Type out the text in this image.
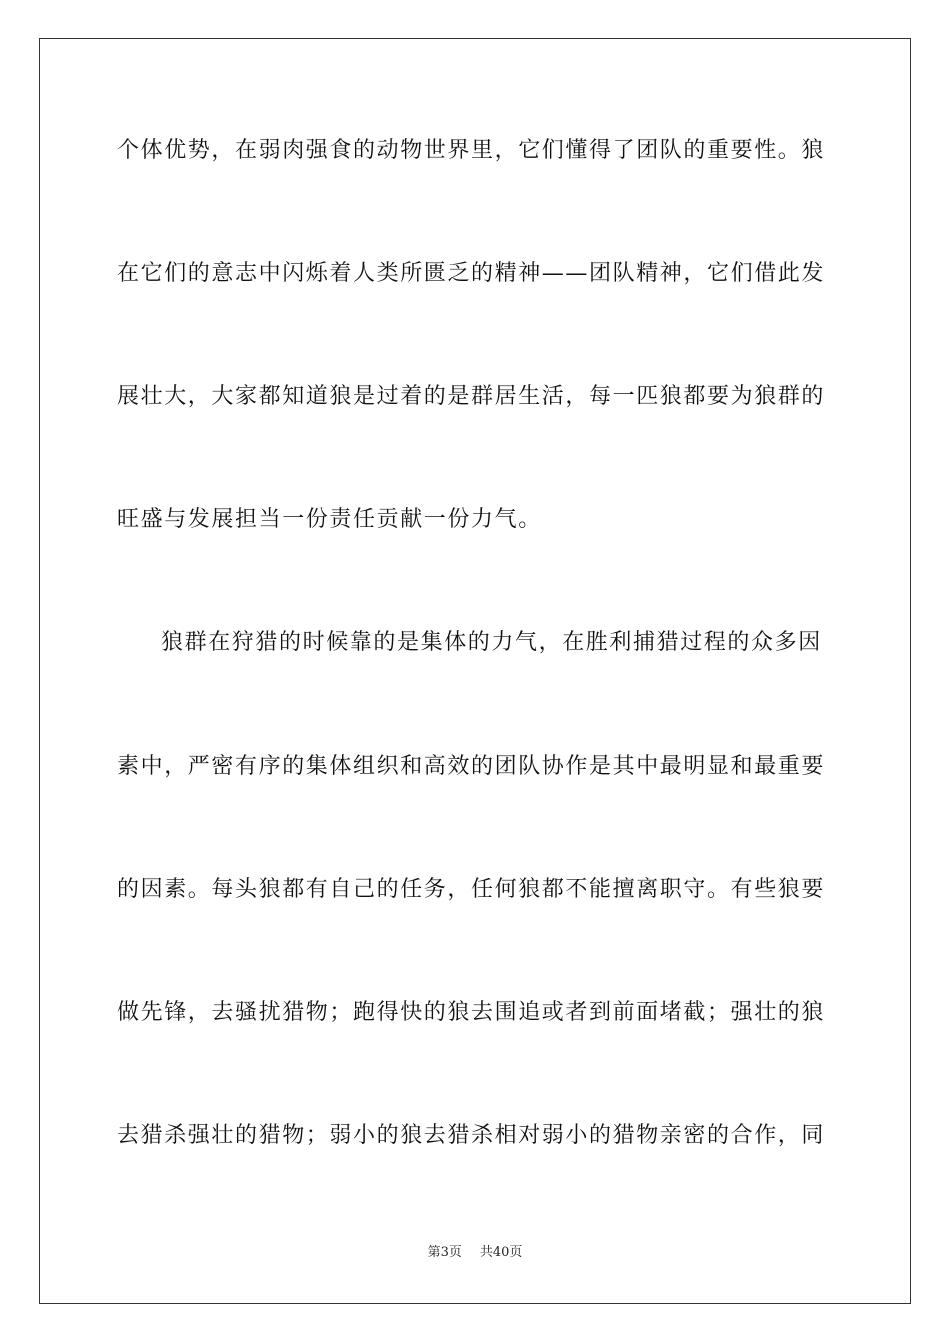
个体优势，在弱肉强食的动物世界里，它们懂得了团队的重要性。狼
在它们的意志中闪烁着人类所匮乏的精神——团队精神，它们借此发
展壮大，大家都知道狼是过着的是群居生活，每一匹狼都要为狼群的
旺盛与发展担当一份责任贡献一份力气。
狼群在狩猎的时候靠的是集体的力气，在胜利捕猎过程的众多因
素中，严密有序的集体组织和高效的团队协作是其中最明显和最重要
的因素。每头狼都有自己的任务，任何狼都不能擅离职守。有些狼要
做先锋，去骚扰猎物；跑得快的狼去围追或者到前面堵截；强壮的狼
去猎杀强壮的猎物；弱小的狼去猎杀相对弱小的猎物亲密的合作，同
第3页 共40页
